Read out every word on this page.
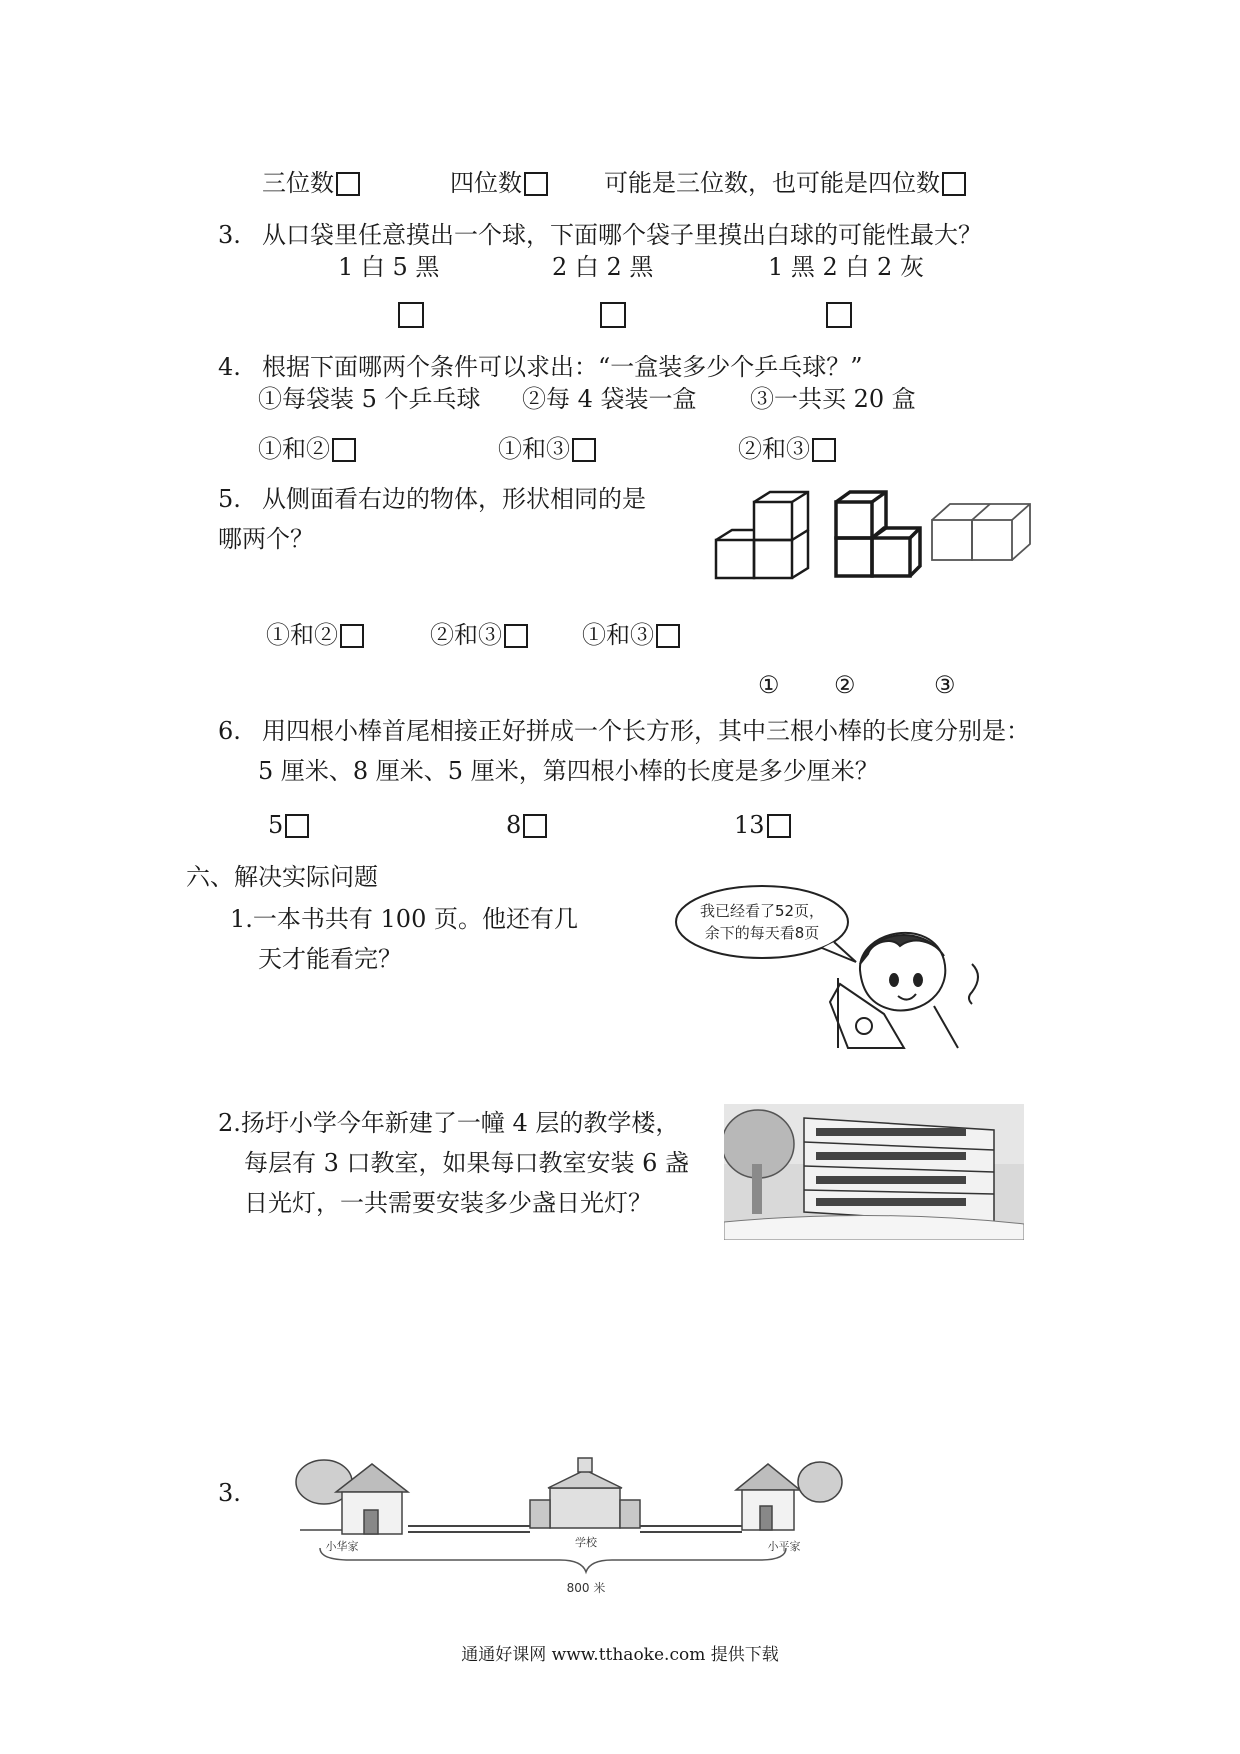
三位数	四位数	可能是三位数，也可能是四位数
3. 从口袋里任意摸出一个球，下面哪个袋子里摸出白球的可能性最大？
1 白 5 黑	2 白 2 黑	1 黑 2 白 2 灰
4. 根据下面哪两个条件可以求出：“一盒装多少个乒乓球？”
①每袋装 5 个乒乓球 ②每 4 袋装一盒 ③一共买 20 盒
①和②	①和③	②和③
5. 从侧面看右边的物体，形状相同的是
哪两个？
①和②	②和③	①和③
① ②	③
6. 用四根小棒首尾相接正好拼成一个长方形，其中三根小棒的长度分别是：
5 厘米、8 厘米、5 厘米，第四根小棒的长度是多少厘米？
5	8	13
六、解决实际问题
1.一本书共有 100 页。他还有几
天才能看完？
我已经看了52页，
余下的每天看8页
2.扬圩小学今年新建了一幢 4 层的教学楼，
每层有 3 口教室，如果每口教室安装 6 盏
日光灯，一共需要安装多少盏日光灯？
3.
小华家	学校	小平家
800 米
通通好课网 www.tthaoke.com 提供下载
